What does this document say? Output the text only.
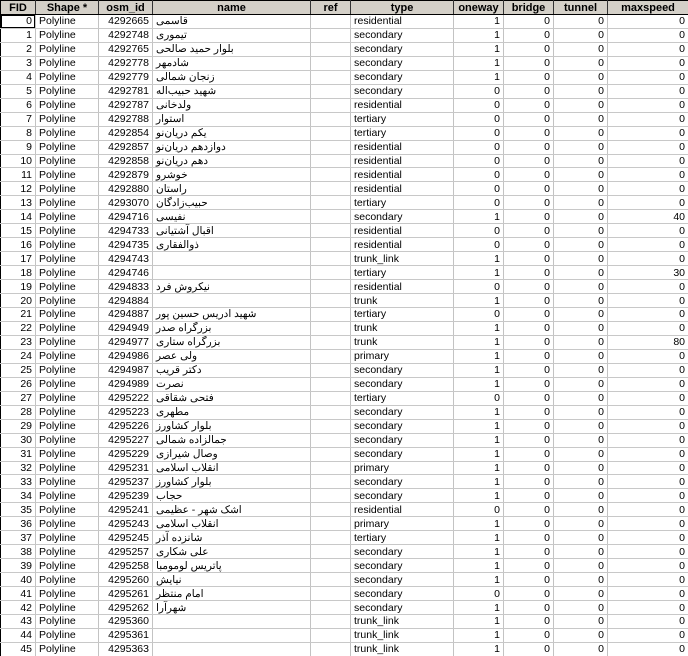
FID	Shape *	osm_id	name	ref	type	oneway	bridge	tunnel	maxspeed
0	Polyline	4292665	قاسمی		residential	1	0	0	0
1	Polyline	4292748	تیموری		secondary	1	0	0	0
2	Polyline	4292765	بلوار حمید صالحی		secondary	1	0	0	0
3	Polyline	4292778	شادمهر		secondary	1	0	0	0
4	Polyline	4292779	زنجان شمالی		secondary	1	0	0	0
5	Polyline	4292781	شهید حبیب‌اله		secondary	0	0	0	0
6	Polyline	4292787	ولدخانی		residential	0	0	0	0
7	Polyline	4292788	استوار		tertiary	0	0	0	0
8	Polyline	4292854	یکم دریان‌نو		tertiary	0	0	0	0
9	Polyline	4292857	دوازدهم دریان‌نو		residential	0	0	0	0
10	Polyline	4292858	دهم دریان‌نو		residential	0	0	0	0
11	Polyline	4292879	خوشرو		residential	0	0	0	0
12	Polyline	4292880	راستان		residential	0	0	0	0
13	Polyline	4293070	حبیب‌زادگان		tertiary	0	0	0	0
14	Polyline	4294716	نفیسی		secondary	1	0	0	40
15	Polyline	4294733	اقبال آشتیانی		residential	0	0	0	0
16	Polyline	4294735	ذوالفقاری		residential	0	0	0	0
17	Polyline	4294743			trunk_link	1	0	0	0
18	Polyline	4294746			tertiary	1	0	0	30
19	Polyline	4294833	نیکروش فرد		residential	0	0	0	0
20	Polyline	4294884			trunk	1	0	0	0
21	Polyline	4294887	شهید ادریس حسین پور		tertiary	0	0	0	0
22	Polyline	4294949	بزرگراه صدر		trunk	1	0	0	0
23	Polyline	4294977	بزرگراه ستاری		trunk	1	0	0	80
24	Polyline	4294986	ولی عصر		primary	1	0	0	0
25	Polyline	4294987	دکتر قریب		secondary	1	0	0	0
26	Polyline	4294989	نصرت		secondary	1	0	0	0
27	Polyline	4295222	فتحی شقاقی		tertiary	0	0	0	0
28	Polyline	4295223	مطهری		secondary	1	0	0	0
29	Polyline	4295226	بلوار کشاورز		secondary	1	0	0	0
30	Polyline	4295227	جمالزاده شمالی		secondary	1	0	0	0
31	Polyline	4295229	وصال شیرازی		secondary	1	0	0	0
32	Polyline	4295231	انقلاب اسلامی		primary	1	0	0	0
33	Polyline	4295237	بلوار کشاورز		secondary	1	0	0	0
34	Polyline	4295239	حجاب		secondary	1	0	0	0
35	Polyline	4295241	اشک شهر - عظیمی		residential	0	0	0	0
36	Polyline	4295243	انقلاب اسلامی		primary	1	0	0	0
37	Polyline	4295245	شانزده آذر		tertiary	1	0	0	0
38	Polyline	4295257	علی شکاری		secondary	1	0	0	0
39	Polyline	4295258	پاتریس لومومبا		secondary	1	0	0	0
40	Polyline	4295260	نیایش		secondary	1	0	0	0
41	Polyline	4295261	امام منتظر		secondary	0	0	0	0
42	Polyline	4295262	شهرآرا		secondary	1	0	0	0
43	Polyline	4295360			trunk_link	1	0	0	0
44	Polyline	4295361			trunk_link	1	0	0	0
45	Polyline	4295363			trunk_link	1	0	0	0
